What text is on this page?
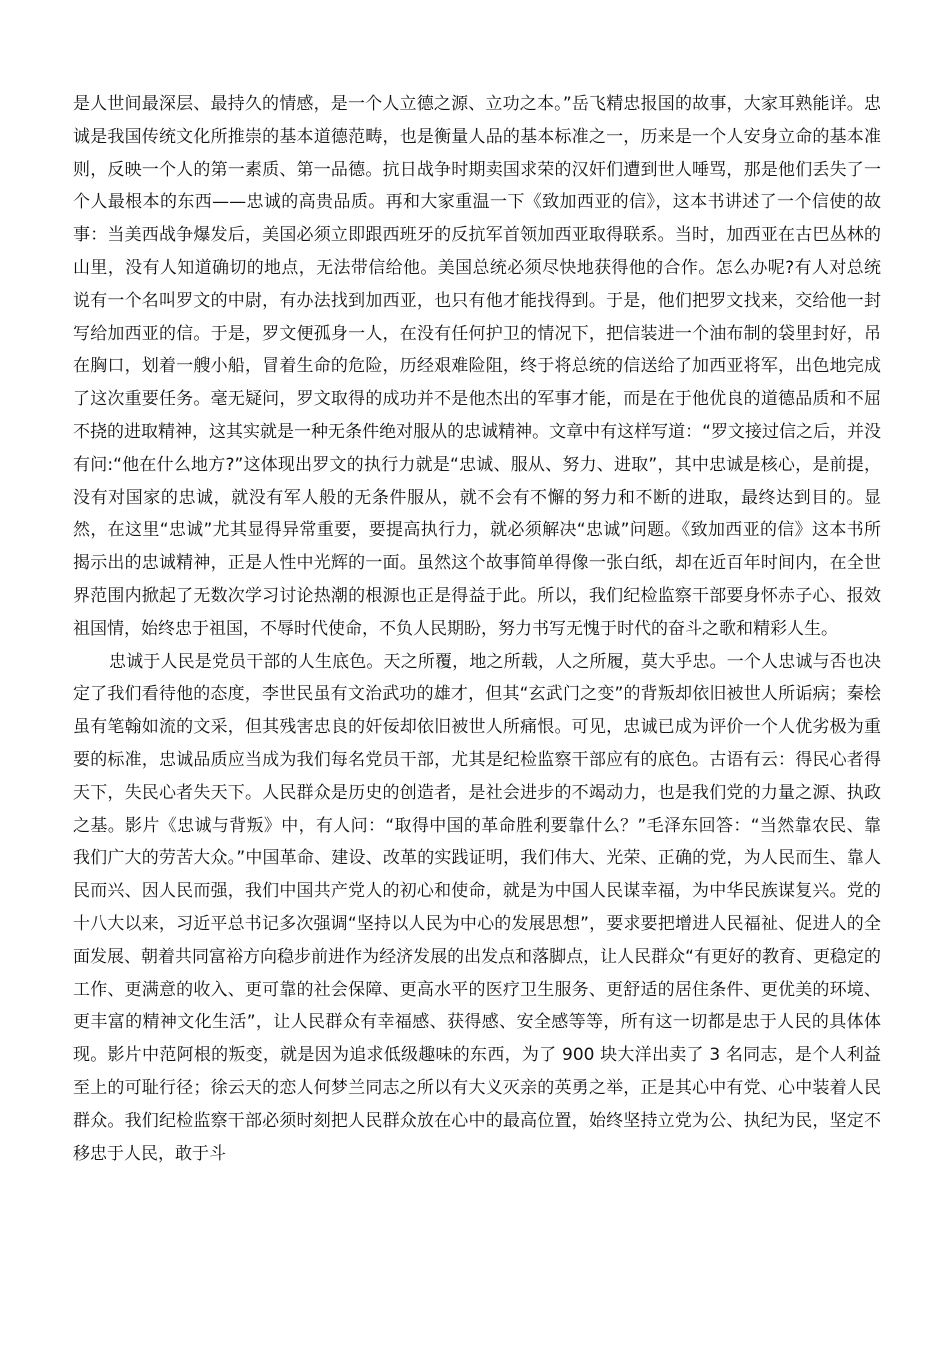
是人世间最深层、最持久的情感，是一个人立德之源、立功之本。”岳飞精忠报国的故事，大家耳熟能详。忠诚是我国传统文化所推崇的基本道德范畴，也是衡量人品的基本标准之一，历来是一个人安身立命的基本准则，反映一个人的第一素质、第一品德。抗日战争时期卖国求荣的汉奸们遭到世人唾骂，那是他们丢失了一个人最根本的东西——忠诚的高贵品质。再和大家重温一下《致加西亚的信》，这本书讲述了一个信使的故事：当美西战争爆发后，美国必须立即跟西班牙的反抗军首领加西亚取得联系。当时，加西亚在古巴丛林的山里，没有人知道确切的地点，无法带信给他。美国总统必须尽快地获得他的合作。怎么办呢?有人对总统说有一个名叫罗文的中尉，有办法找到加西亚，也只有他才能找得到。于是，他们把罗文找来，交给他一封写给加西亚的信。于是，罗文便孤身一人，在没有任何护卫的情况下，把信装进一个油布制的袋里封好，吊在胸口，划着一艘小船，冒着生命的危险，历经艰难险阻，终于将总统的信送给了加西亚将军，出色地完成了这次重要任务。毫无疑问，罗文取得的成功并不是他杰出的军事才能，而是在于他优良的道德品质和不屈不挠的进取精神，这其实就是一种无条件绝对服从的忠诚精神。文章中有这样写道：“罗文接过信之后，并没有问:“他在什么地方?”这体现出罗文的执行力就是“忠诚、服从、努力、进取”，其中忠诚是核心，是前提，没有对国家的忠诚，就没有军人般的无条件服从，就不会有不懈的努力和不断的进取，最终达到目的。显然，在这里“忠诚”尤其显得异常重要，要提高执行力，就必须解决“忠诚”问题。《致加西亚的信》这本书所揭示出的忠诚精神，正是人性中光辉的一面。虽然这个故事简单得像一张白纸，却在近百年时间内，在全世界范围内掀起了无数次学习讨论热潮的根源也正是得益于此。所以，我们纪检监察干部要身怀赤子心、报效祖国情，始终忠于祖国，不辱时代使命，不负人民期盼，努力书写无愧于时代的奋斗之歌和精彩人生。

忠诚于人民是党员干部的人生底色。天之所覆，地之所载，人之所履，莫大乎忠。一个人忠诚与否也决定了我们看待他的态度，李世民虽有文治武功的雄才，但其“玄武门之变”的背叛却依旧被世人所诟病；秦桧虽有笔翰如流的文采，但其残害忠良的奸佞却依旧被世人所痛恨。可见，忠诚已成为评价一个人优劣极为重要的标准，忠诚品质应当成为我们每名党员干部，尤其是纪检监察干部应有的底色。古语有云：得民心者得天下，失民心者失天下。人民群众是历史的创造者，是社会进步的不竭动力，也是我们党的力量之源、执政之基。影片《忠诚与背叛》中，有人问：“取得中国的革命胜利要靠什么？”毛泽东回答：“当然靠农民、靠我们广大的劳苦大众。”中国革命、建设、改革的实践证明，我们伟大、光荣、正确的党，为人民而生、靠人民而兴、因人民而强，我们中国共产党人的初心和使命，就是为中国人民谋幸福，为中华民族谋复兴。党的十八大以来，习近平总书记多次强调“坚持以人民为中心的发展思想”，要求要把增进人民福祉、促进人的全面发展、朝着共同富裕方向稳步前进作为经济发展的出发点和落脚点，让人民群众“有更好的教育、更稳定的工作、更满意的收入、更可靠的社会保障、更高水平的医疗卫生服务、更舒适的居住条件、更优美的环境、更丰富的精神文化生活”，让人民群众有幸福感、获得感、安全感等等，所有这一切都是忠于人民的具体体现。影片中范阿根的叛变，就是因为追求低级趣味的东西，为了 900 块大洋出卖了 3 名同志，是个人利益至上的可耻行径；徐云天的恋人何梦兰同志之所以有大义灭亲的英勇之举，正是其心中有党、心中装着人民群众。我们纪检监察干部必须时刻把人民群众放在心中的最高位置，始终坚持立党为公、执纪为民，坚定不移忠于人民，敢于斗
